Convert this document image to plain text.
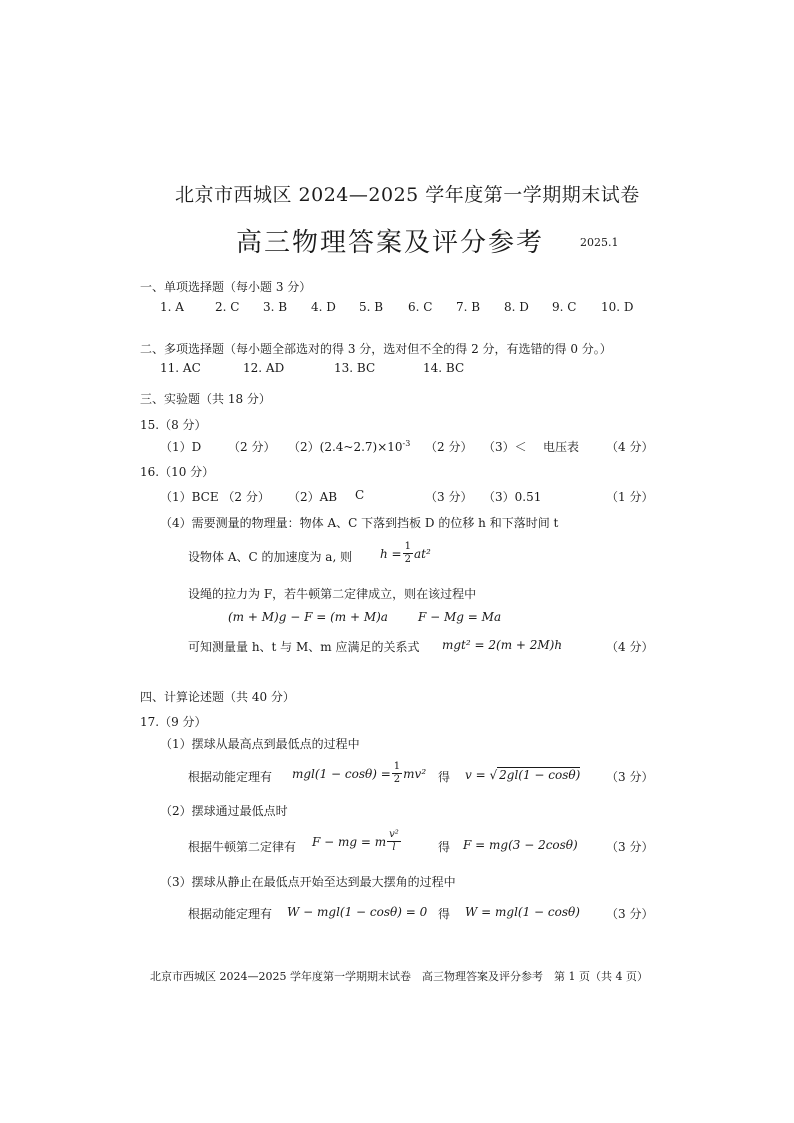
北京市西城区 2024—2025 学年度第一学期期末试卷
高三物理答案及评分参考	2025.1
一、单项选择题（每小题 3 分）
1. A	2. C 3. B 4. D 5. B 6. C 7. B 8. D 9. C 10. D
二、多项选择题（每小题全部选对的得 3 分，选对但不全的得 2 分，有选错的得 0 分。）
11. AC	12. AD	13. BC	14. BC
三、实验题（共 18 分）
15.（8 分）
（1）D （2 分） $(2)(2.4\sim 2.7)\times 10^{-3}$ （2 分） （3）＜ 电压表 （4 分）
16.（10 分）
（1）BCE （2 分） （2）AB C	（3 分） （3）0.51	（1 分）
（4）需要测量的物理量：物体 A、C 下落到挡板 D 的位移 h 和下落时间 t
设物体 A、C 的加速度为 a, 则 $h = \frac{1}{2} at^2$
设绳的拉力为 F，若牛顿第二定律成立，则在该过程中
(m + M)g − F = (m + M)a	F − Mg = Ma
可知测量量 h、t 与 M、m 应满足的关系式 mgt² = 2(m + 2M)h	（4 分）
四、计算论述题（共 40 分）
17.（9 分）
（1）摆球从最高点到最低点的过程中
根据动能定理有 $mgl(1 - \cos\theta) = \frac{1}{2} mv^2$ 得 v = √ 2gl(1 − cosθ) （3 分）
（2）摆球通过最低点时
根据牛顿第二定律有 F − mg = m $\frac{\text{v²}}{l}$	得 F = mg(3 − 2cosθ) （3 分）
（3）摆球从静止在最低点开始至达到最大摆角的过程中
根据动能定理有 W − mgl(1 − cosθ) = 0 得 W = mgl(1 − cosθ) （3 分）
北京市西城区 2024—2025 学年度第一学期期末试卷　高三物理答案及评分参考　第 1 页（共 4 页）
